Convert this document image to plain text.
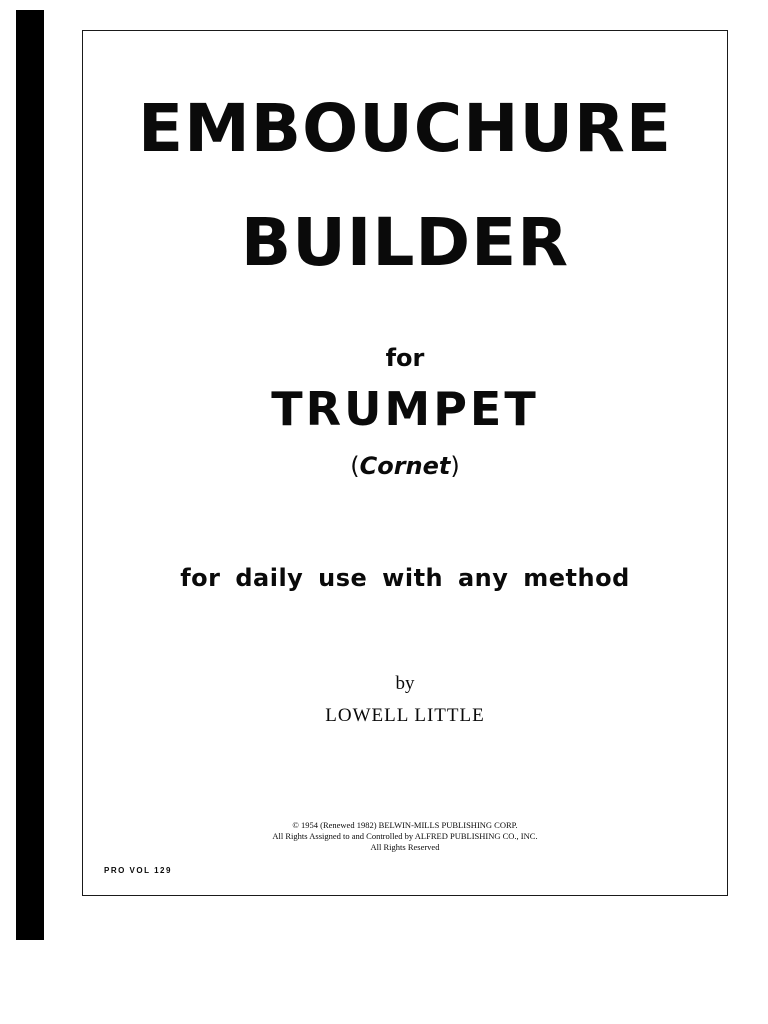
EMBOUCHURE
BUILDER

for

TRUMPET

(Cornet)

for daily use with any method

by

LOWELL LITTLE

© 1954 (Renewed 1982) BELWIN-MILLS PUBLISHING CORP.
All Rights Assigned to and Controlled by ALFRED PUBLISHING CO., INC.
All Rights Reserved
PRO VOL 129
